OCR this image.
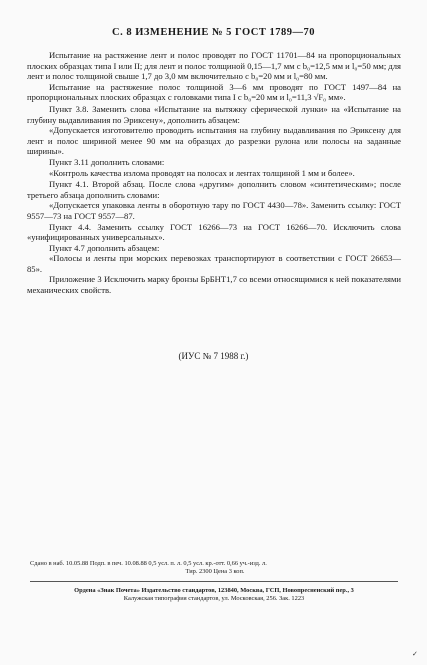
С. 8 ИЗМЕНЕНИЕ № 5 ГОСТ 1789—70

Испытание на растяжение лент и полос проводят по ГОСТ 11701—84 на пропорциональных плоских образцах типа I или II; для лент и полос толщиной 0,15—1,7 мм с b₀=12,5 мм и l₀=50 мм; для лент и полос толщиной свыше 1,7 до 3,0 мм включительно с b₀=20 мм и l₀=80 мм.

Испытание на растяжение полос толщиной 3—6 мм проводят по ГОСТ 1497—84 на пропорциональных плоских образцах с головками типа I с b₀=20 мм и l₀=11,3 √F₀ мм».

Пункт 3.8. Заменить слова «Испытание на вытяжку сферической лунки» на «Испытание на глубину выдавливания по Эриксену», дополнить абзацем:

«Допускается изготовителю проводить испытания на глубину выдавливания по Эриксену для лент и полос шириной менее 90 мм на образцах до разрезки рулона или полосы на заданные ширины».

Пункт 3.11 дополнить словами:

«Контроль качества излома проводят на полосах и лентах толщиной 1 мм и более».

Пункт 4.1. Второй абзац. После слова «другим» дополнить словом «синтетическим»; после третьего абзаца дополнить словами:

«Допускается упаковка ленты в оборотную тару по ГОСТ 4430—78». Заменить ссылку: ГОСТ 9557—73 на ГОСТ 9557—87.

Пункт 4.4. Заменить ссылку ГОСТ 16266—73 на ГОСТ 16266—70. Исключить слова «унифицированных универсальных».

Пункт 4.7 дополнить абзацем:

«Полосы и ленты при морских перевозках транспортируют в соответствии с ГОСТ 26653—85».

Приложение 3 Исключить марку бронзы БрБНТ1,7 со всеми относящимися к ней показателями механических свойств.

(ИУС № 7 1988 г.)

Сдано в наб. 10.05.88 Подп. в печ. 10.08.88 0,5 усл. п. л. 0,5 усл. кр.-отт. 0,66 уч.-изд. л.

Тир. 2300 Цена 3 коп.

Ордена «Знак Почета» Издательство стандартов, 123840, Москва, ГСП, Новопресненский пер., 3

Калужская типография стандартов, ул. Московская, 256. Зак. 1223

✓
